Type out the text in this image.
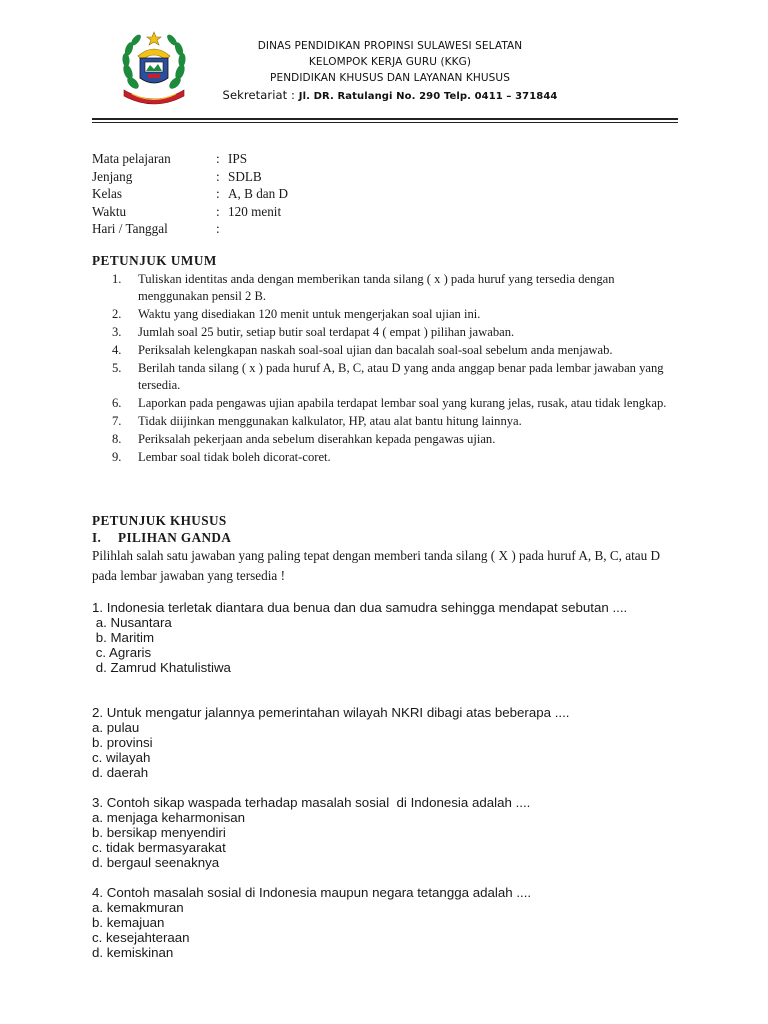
DINAS PENDIDIKAN PROPINSI SULAWESI SELATAN
KELOMPOK KERJA GURU (KKG)
PENDIDIKAN KHUSUS DAN LAYANAN KHUSUS
Sekretariat : Jl. DR. Ratulangi No. 290 Telp. 0411 – 371844
Mata pelajaran	: IPS
Jenjang	: SDLB
Kelas	: A, B dan D
Waktu	: 120 menit
Hari / Tanggal	:
PETUNJUK UMUM
1. Tuliskan identitas anda dengan memberikan tanda silang ( x ) pada huruf yang tersedia dengan menggunakan pensil 2 B.
2. Waktu yang disediakan 120 menit untuk mengerjakan soal ujian ini.
3. Jumlah soal 25 butir, setiap butir soal terdapat 4 ( empat ) pilihan jawaban.
4. Periksalah kelengkapan naskah soal-soal ujian dan bacalah soal-soal sebelum anda menjawab.
5. Berilah tanda silang ( x ) pada huruf A, B, C, atau D yang anda anggap benar pada lembar jawaban yang tersedia.
6. Laporkan pada pengawas ujian apabila terdapat lembar soal yang kurang jelas, rusak, atau tidak lengkap.
7. Tidak diijinkan menggunakan kalkulator, HP, atau alat bantu hitung lainnya.
8. Periksalah pekerjaan anda sebelum diserahkan kepada pengawas ujian.
9. Lembar soal tidak boleh dicorat-coret.
PETUNJUK KHUSUS
I. PILIHAN GANDA
Pilihlah salah satu jawaban yang paling tepat dengan memberi tanda silang ( X ) pada huruf A, B, C, atau D pada lembar jawaban yang tersedia !
1. Indonesia terletak diantara dua benua dan dua samudra sehingga mendapat sebutan ....
a. Nusantara
b. Maritim
c. Agraris
d. Zamrud Khatulistiwa
2. Untuk mengatur jalannya pemerintahan wilayah NKRI dibagi atas beberapa ....
a. pulau
b. provinsi
c. wilayah
d. daerah
3. Contoh sikap waspada terhadap masalah sosial  di Indonesia adalah ....
a. menjaga keharmonisan
b. bersikap menyendiri
c. tidak bermasyarakat
d. bergaul seenaknya
4. Contoh masalah sosial di Indonesia maupun negara tetangga adalah ....
a. kemakmuran
b. kemajuan
c. kesejahteraan
d. kemiskinan
